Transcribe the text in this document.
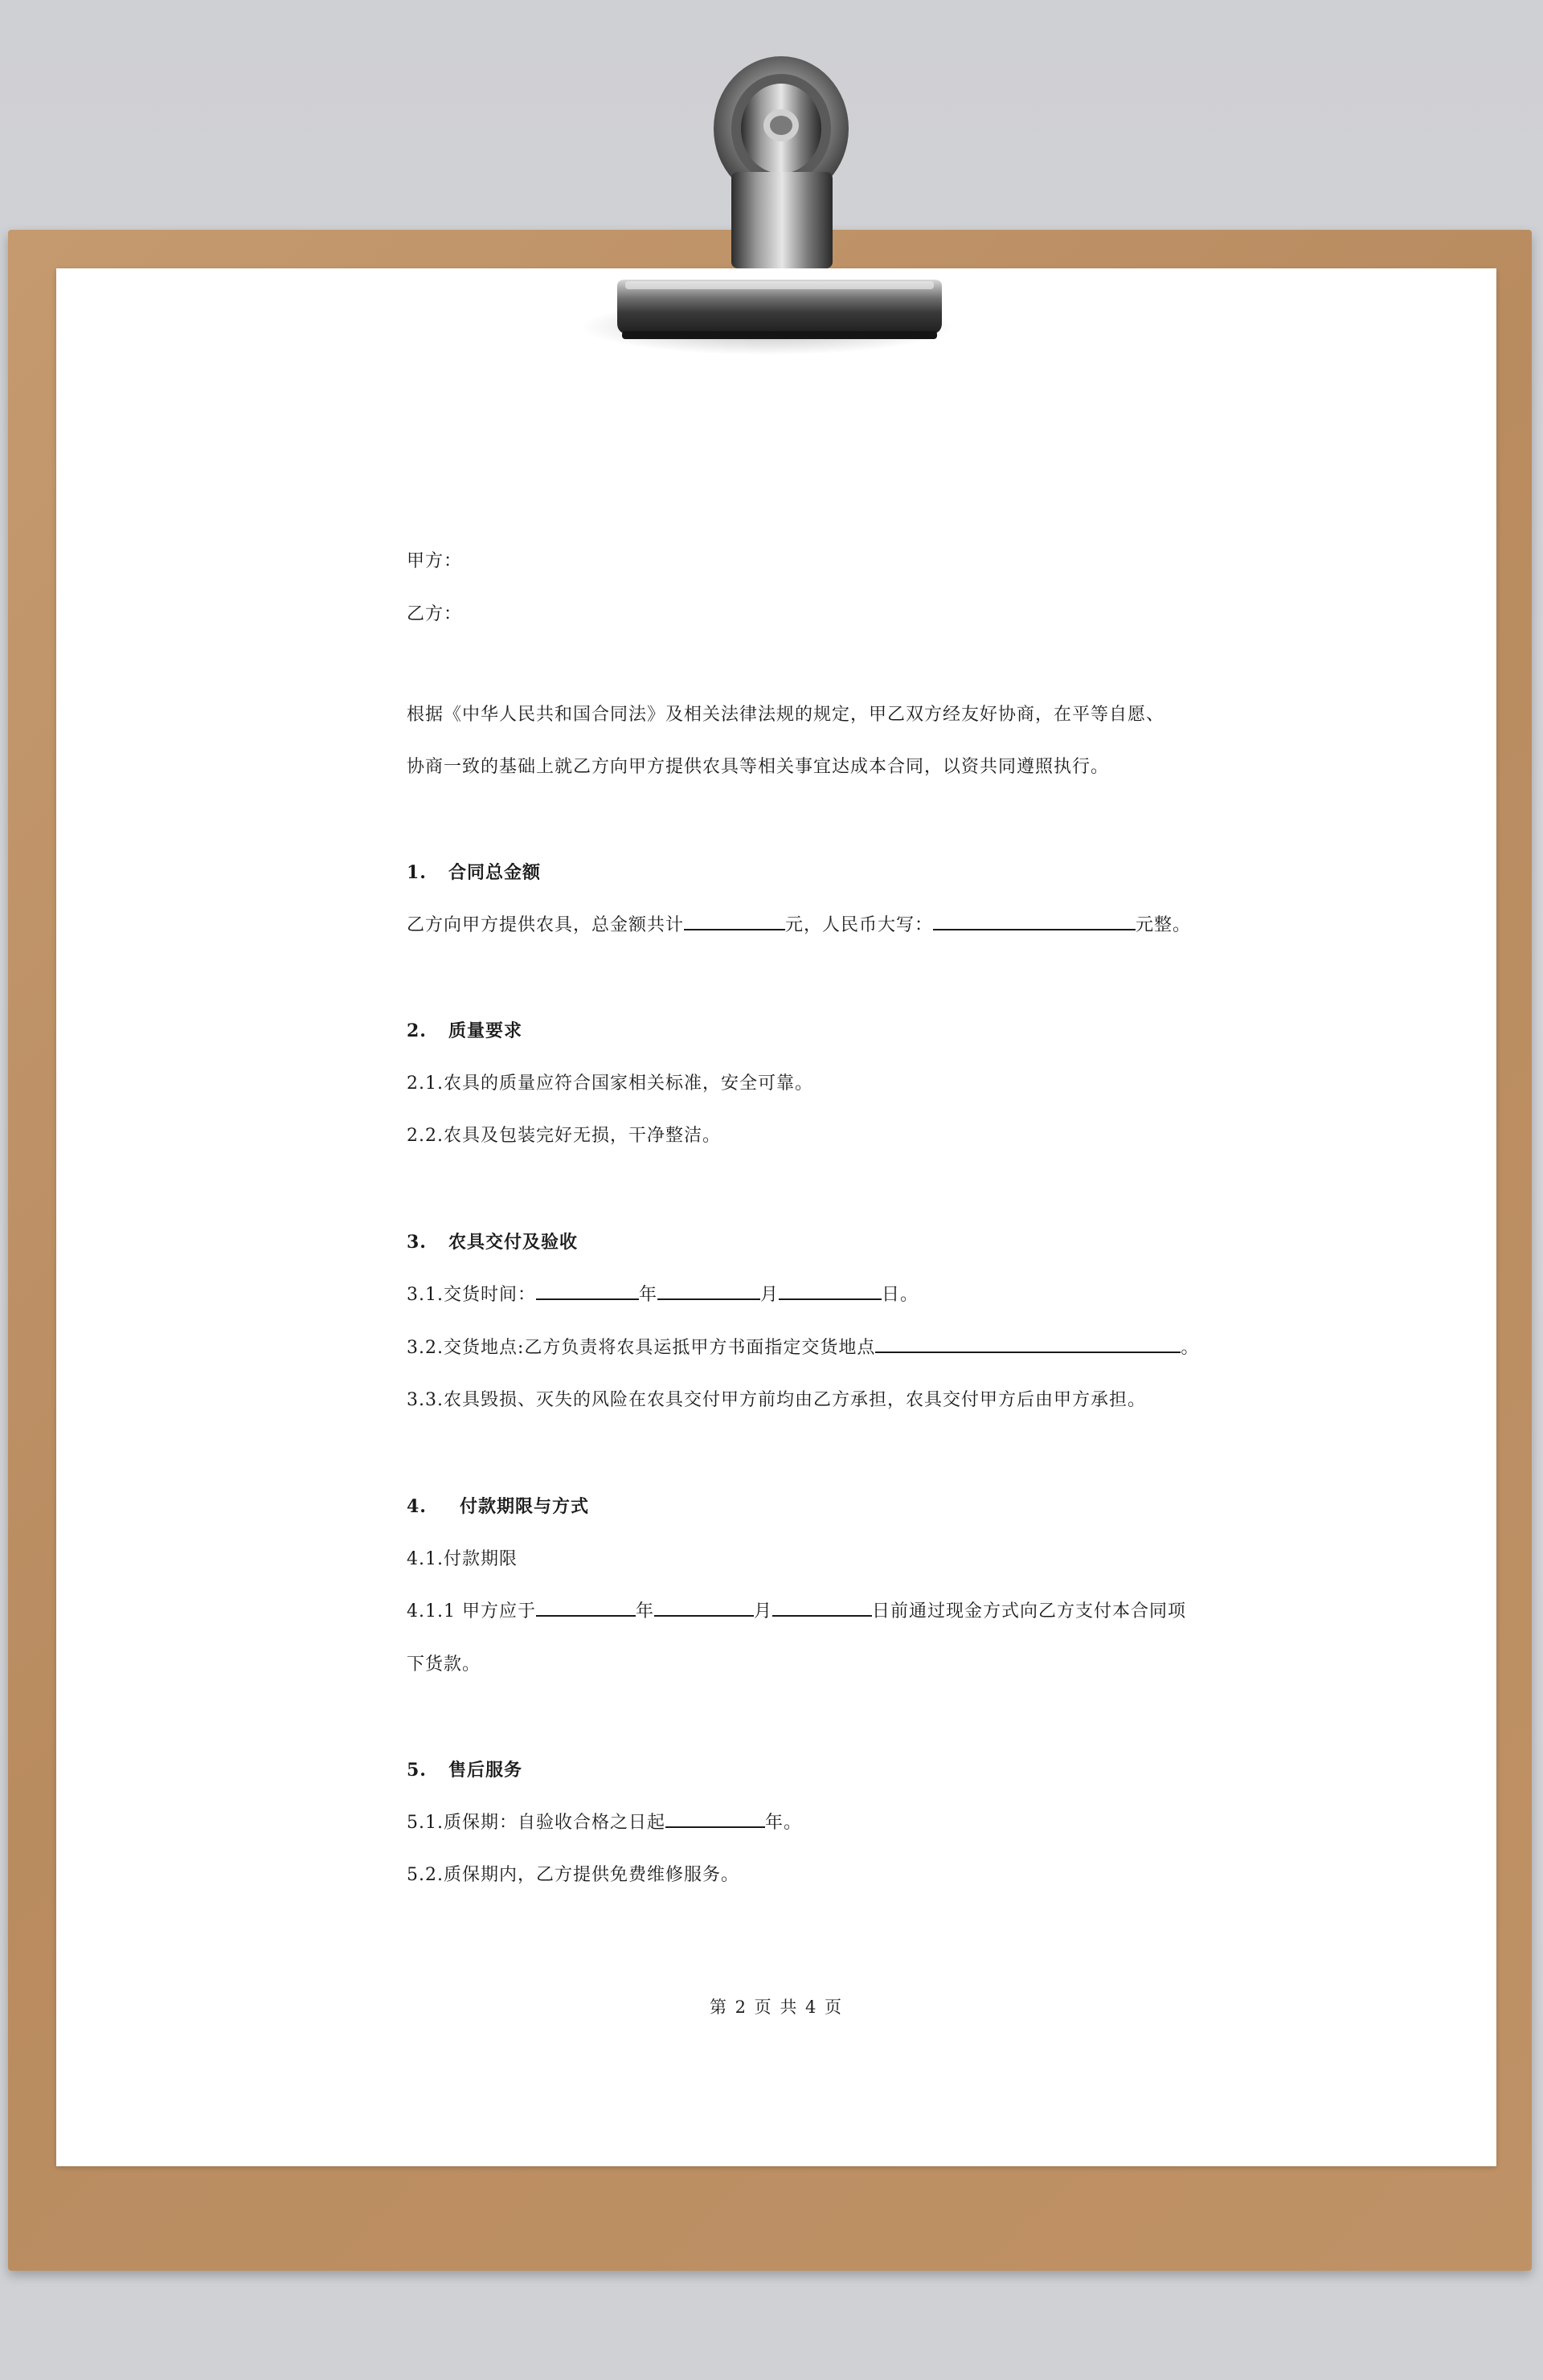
甲方：
乙方：
根据《中华人民共和国合同法》及相关法律法规的规定，甲乙双方经友好协商，在平等自愿、
协商一致的基础上就乙方向甲方提供农具等相关事宜达成本合同，以资共同遵照执行。
1. 合同总金额
乙方向甲方提供农具，总金额共计	元，人民币大写：	元整。
2. 质量要求
2.1.农具的质量应符合国家相关标准，安全可靠。
2.2.农具及包装完好无损，干净整洁。
3. 农具交付及验收
3.1.交货时间：	年	月	日。
3.2.交货地点:乙方负责将农具运抵甲方书面指定交货地点	。
3.3.农具毁损、灭失的风险在农具交付甲方前均由乙方承担，农具交付甲方后由甲方承担。
4. 付款期限与方式
4.1.付款期限
4.1.1 甲方应于	年	月	日前通过现金方式向乙方支付本合同项
下货款。
5. 售后服务
5.1.质保期：自验收合格之日起	年。
5.2.质保期内，乙方提供免费维修服务。
第 2 页 共 4 页
